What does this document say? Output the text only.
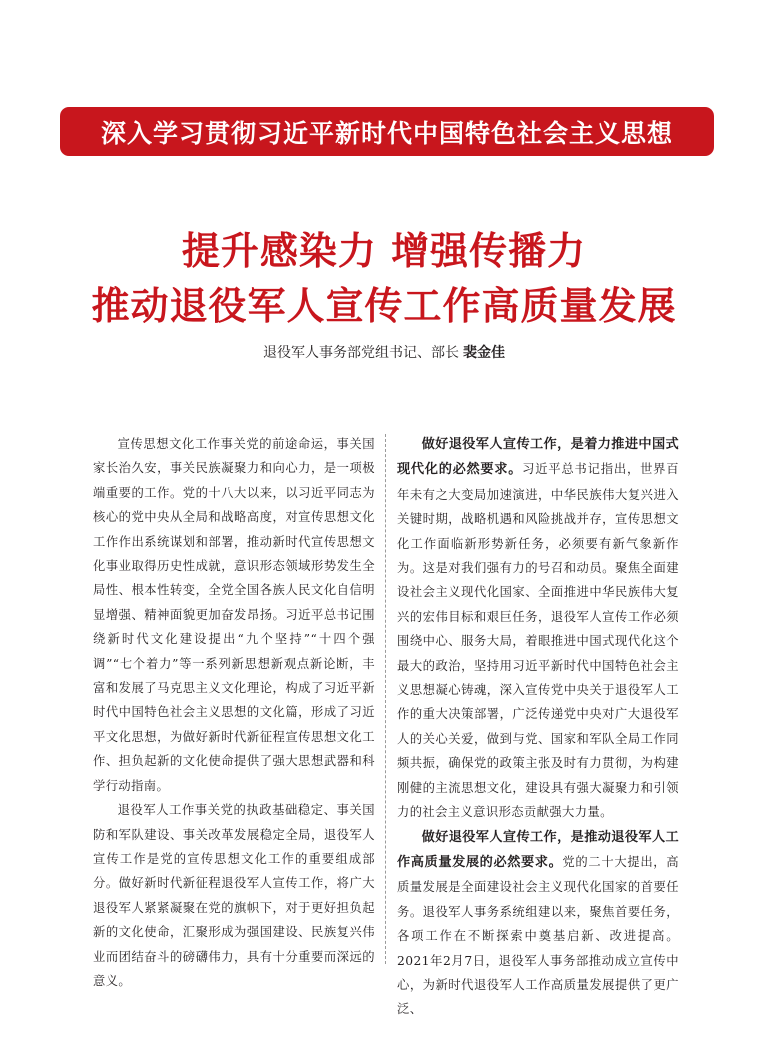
深入学习贯彻习近平新时代中国特色社会主义思想
提升感染力 增强传播力
推动退役军人宣传工作高质量发展
退役军人事务部党组书记、部长 裴金佳

宣传思想文化工作事关党的前途命运，事关国家长治久安，事关民族凝聚力和向心力，是一项极端重要的工作。党的十八大以来，以习近平同志为核心的党中央从全局和战略高度，对宣传思想文化工作作出系统谋划和部署，推动新时代宣传思想文化事业取得历史性成就，意识形态领域形势发生全局性、根本性转变，全党全国各族人民文化自信明显增强、精神面貌更加奋发昂扬。习近平总书记围绕新时代文化建设提出“九个坚持”“十四个强调”“七个着力”等一系列新思想新观点新论断，丰富和发展了马克思主义文化理论，构成了习近平新时代中国特色社会主义思想的文化篇，形成了习近平文化思想，为做好新时代新征程宣传思想文化工作、担负起新的文化使命提供了强大思想武器和科学行动指南。

退役军人工作事关党的执政基础稳定、事关国防和军队建设、事关改革发展稳定全局，退役军人宣传工作是党的宣传思想文化工作的重要组成部分。做好新时代新征程退役军人宣传工作，将广大退役军人紧紧凝聚在党的旗帜下，对于更好担负起新的文化使命，汇聚形成为强国建设、民族复兴伟业而团结奋斗的磅礴伟力，具有十分重要而深远的意义。

做好退役军人宣传工作，是着力推进中国式现代化的必然要求。习近平总书记指出，世界百年未有之大变局加速演进，中华民族伟大复兴进入关键时期，战略机遇和风险挑战并存，宣传思想文化工作面临新形势新任务，必须要有新气象新作为。这是对我们强有力的号召和动员。聚焦全面建设社会主义现代化国家、全面推进中华民族伟大复兴的宏伟目标和艰巨任务，退役军人宣传工作必须围绕中心、服务大局，着眼推进中国式现代化这个最大的政治，坚持用习近平新时代中国特色社会主义思想凝心铸魂，深入宣传党中央关于退役军人工作的重大决策部署，广泛传递党中央对广大退役军人的关心关爱，做到与党、国家和军队全局工作同频共振，确保党的政策主张及时有力贯彻，为构建刚健的主流思想文化，建设具有强大凝聚力和引领力的社会主义意识形态贡献强大力量。

做好退役军人宣传工作，是推动退役军人工作高质量发展的必然要求。党的二十大提出，高质量发展是全面建设社会主义现代化国家的首要任务。退役军人事务系统组建以来，聚焦首要任务，各项工作在不断探索中奠基启新、改进提高。2021年2月7日，退役军人事务部推动成立宣传中心，为新时代退役军人工作高质量发展提供了更广泛、
